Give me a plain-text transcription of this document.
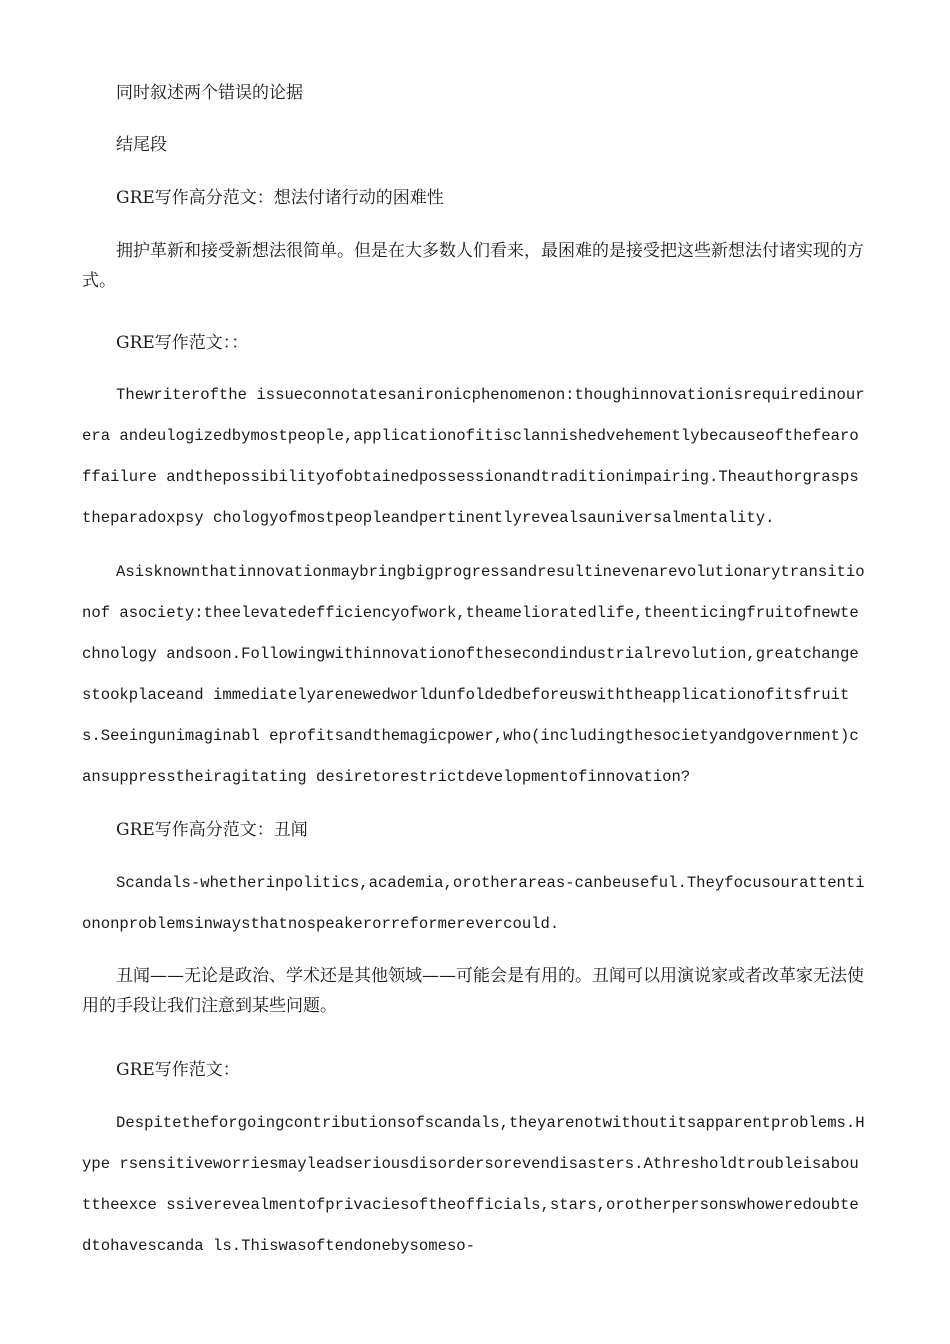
同时叙述两个错误的论据

结尾段

GRE写作高分范文：想法付诸行动的困难性

拥护革新和接受新想法很简单。但是在大多数人们看来，最困难的是接受把这些新想法付诸实现的方式。

GRE写作范文：：

Thewriterofthe issueconnotatesanironicphenomenon:thoughinnovationisrequiredinourera andeulogizedbymostpeople,applicationofitisclannishedvehementlybecauseofthefearoffailure andthepossibilityofobtainedpossessionandtraditionimpairing.Theauthorgraspstheparadoxpsy chologyofmostpeopleandpertinentlyrevealsauniversalmentality.

Asisknownthatinnovationmaybringbigprogressandresultinevenarevolutionarytransitionof asociety:theelevatedefficiencyofwork,theamelioratedlife,theenticingfruitofnewtechnology andsoon.Followingwithinnovationofthesecondindustrialrevolution,greatchangestookplaceand immediatelyarenewedworldunfoldedbeforeuswiththeapplicationofitsfruits.Seeingunimaginabl eprofitsandthemagicpower,who(includingthesocietyandgovernment)cansuppresstheiragitating desiretorestrictdevelopmentofinnovation?

GRE写作高分范文：丑闻

Scandals-whetherinpolitics,academia,orotherareas-canbeuseful.Theyfocusourattentiononproblemsinwaysthatnospeakerorreformerevercould.

丑闻——无论是政治、学术还是其他领域——可能会是有用的。丑闻可以用演说家或者改革家无法使用的手段让我们注意到某些问题。

GRE写作范文：

Despitetheforgoingcontributionsofscandals,theyarenotwithoutitsapparentproblems.Hype rsensitiveworriesmayleadseriousdisordersorevendisasters.Athresholdtroubleisabouttheexce ssiverevealmentofprivaciesoftheofficials,stars,orotherpersonswhoweredoubtedtohavescanda ls.Thiswasoftendonebysomeso-
